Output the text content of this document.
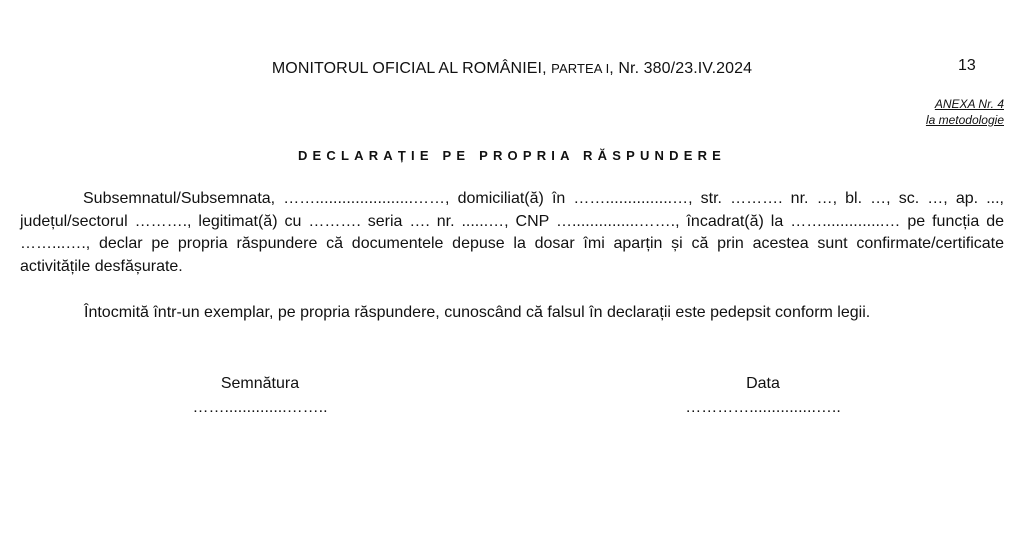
MONITORUL OFICIAL AL ROMÂNIEI, PARTEA I, Nr. 380/23.IV.2024	13
ANEXA Nr. 4
la metodologie
DECLARAȚIE PE PROPRIA RĂSPUNDERE
Subsemnatul/Subsemnata, ……......................……, domiciliat(ă) în ……...............…, str. ………. nr. …, bl. …, sc. …, ap. ..., județul/sectorul ………., legitimat(ă) cu ………. seria …. nr. ......…, CNP …...............……., încadrat(ă) la ……..............… pe funcția de ……...…., declar pe propria răspundere că documentele depuse la dosar îmi aparțin și că prin acestea sunt confirmate/certificate activitățile desfășurate.
Întocmită într-un exemplar, pe propria răspundere, cunoscând că falsul în declarații este pedepsit conform legii.
Semnătura
……..............……..
Data
…………...............…..
